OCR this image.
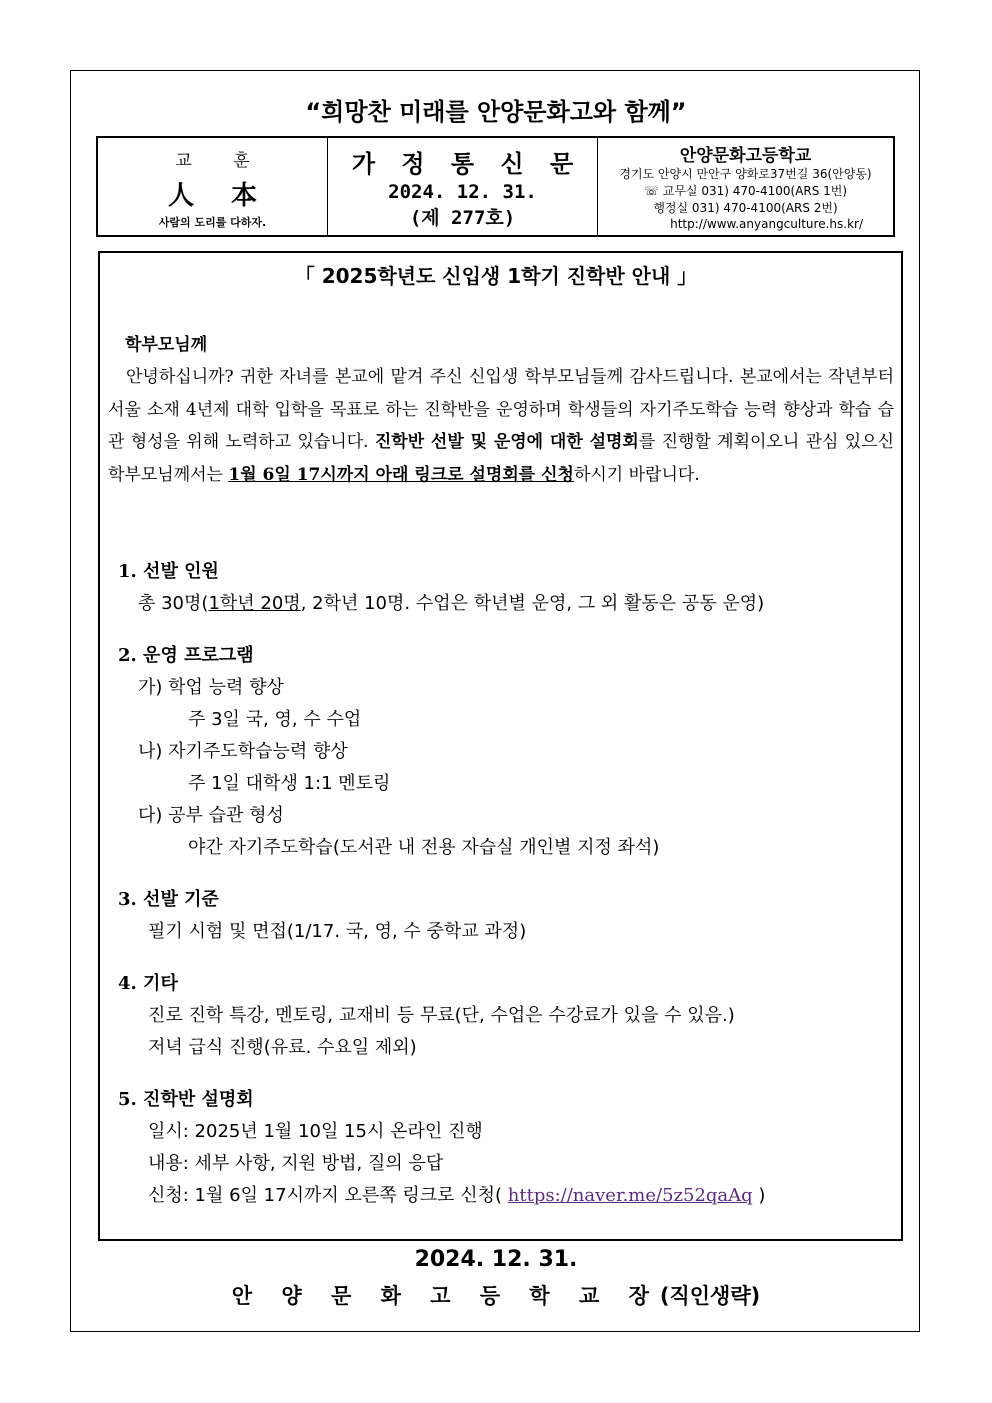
“희망찬 미래를 안양문화고와 함께”
교 훈
人 本
사람의 도리를 다하자.
가 정 통 신 문
2024. 12. 31.
(제 277호)
안양문화고등학교
경기도 안양시 만안구 양화로37번길 36(안양동)
☏ 교무실 031) 470-4100(ARS 1번)
행정실 031) 470-4100(ARS 2번)
http://www.anyangculture.hs.kr/
「 2025학년도 신입생 1학기 진학반 안내 」
학부모님께
안녕하십니까? 귀한 자녀를 본교에 맡겨 주신 신입생 학부모님들께 감사드립니다. 본교에서는 작년부터 서울 소재 4년제 대학 입학을 목표로 하는 진학반을 운영하며 학생들의 자기주도학습 능력 향상과 학습 습관 형성을 위해 노력하고 있습니다. 진학반 선발 및 운영에 대한 설명회를 진행할 계획이오니 관심 있으신 학부모님께서는 1월 6일 17시까지 아래 링크로 설명회를 신청하시기 바랍니다.
1. 선발 인원
총 30명(1학년 20명, 2학년 10명. 수업은 학년별 운영, 그 외 활동은 공동 운영)
2. 운영 프로그램
가) 학업 능력 향상
주 3일 국, 영, 수 수업
나) 자기주도학습능력 향상
주 1일 대학생 1:1 멘토링
다) 공부 습관 형성
야간 자기주도학습(도서관 내 전용 자습실 개인별 지정 좌석)
3. 선발 기준
필기 시험 및 면접(1/17. 국, 영, 수 중학교 과정)
4. 기타
진로 진학 특강, 멘토링, 교재비 등 무료(단, 수업은 수강료가 있을 수 있음.)
저녁 급식 진행(유료. 수요일 제외)
5. 진학반 설명회
일시: 2025년 1월 10일 15시 온라인 진행
내용: 세부 사항, 지원 방법, 질의 응답
신청: 1월 6일 17시까지 오른쪽 링크로 신청( https://naver.me/5z52qaAq )
2024. 12. 31.
안 양 문 화 고 등 학 교 장(직인생략)
